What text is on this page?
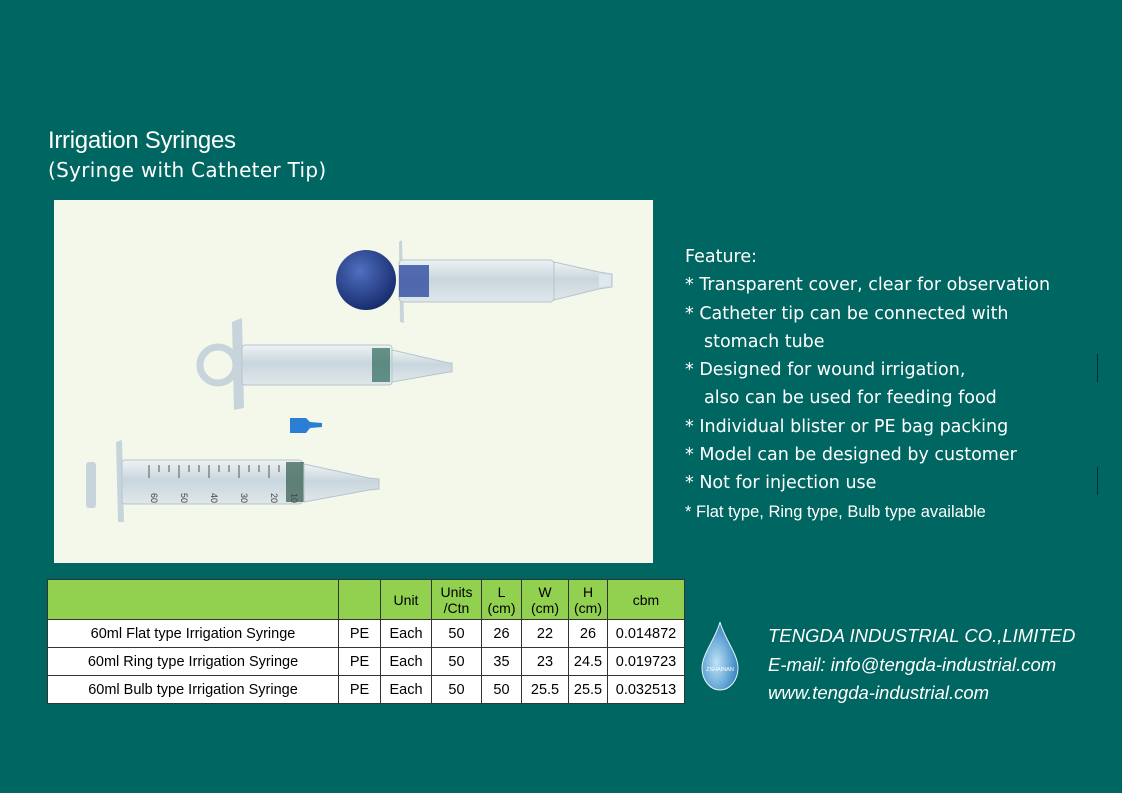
Irrigation Syringes
(Syringe with Catheter Tip)
60 50 40 30 20 10
Feature:
* Transparent cover, clear for observation
* Catheter tip can be connected with
stomach tube
* Designed for wound irrigation,
also can be used for feeding food
* Individual blister or PE bag packing
* Model can be designed by customer
* Not for injection use
* Flat type, Ring type, Bulb type available
		Unit	Units
/Ctn	L
(cm)	W
(cm)	H
(cm)	cbm
60ml Flat type Irrigation Syringe	PE	Each	50	26	22	26	0.014872
60ml Ring type Irrigation Syringe	PE	Each	50	35	23	24.5	0.019723
60ml Bulb type Irrigation Syringe	PE	Each	50	50	25.5	25.5	0.032513
ZSHAINAN
TENGDA INDUSTRIAL CO.,LIMITED
E-mail: info@tengda-industrial.com
www.tengda-industrial.com
